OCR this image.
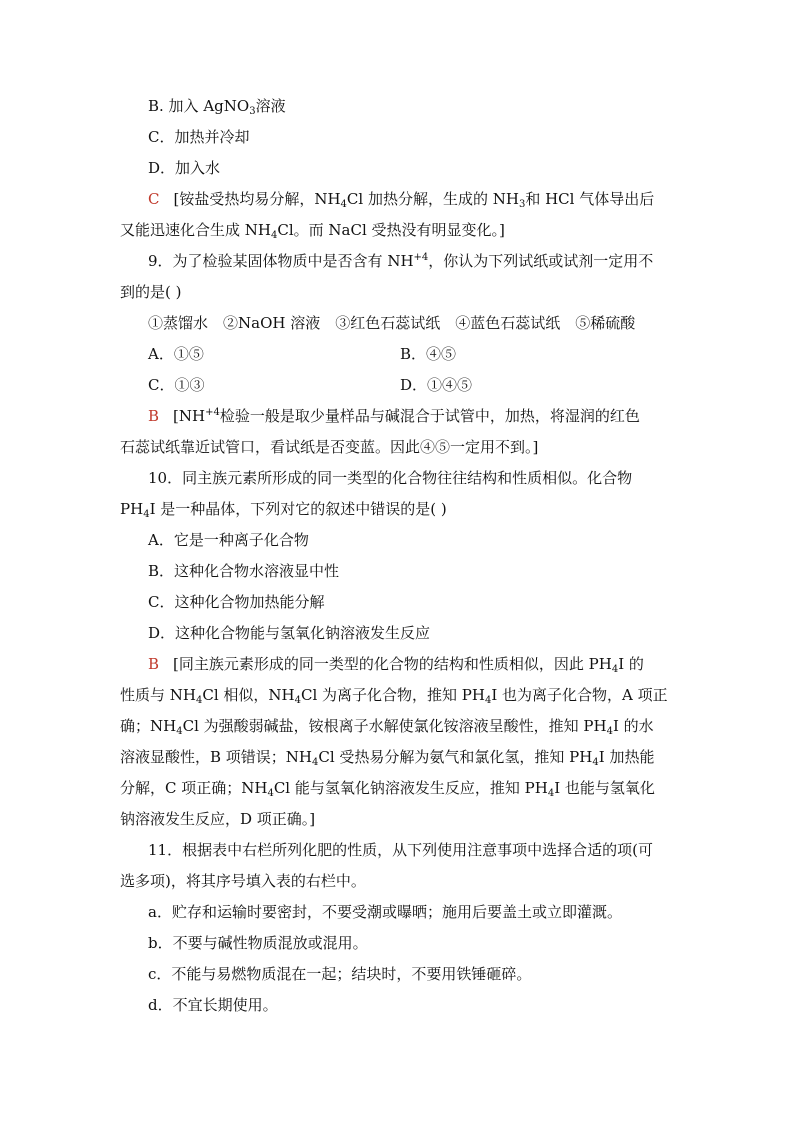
B. 加入 AgNO$_3$溶液
C．加热并冷却
D．加入水
C [铵盐受热均易分解，$NH_4Cl$ 加热分解，生成的 $NH_3$和 HCl 气体导出后
又能迅速化合生成 $NH_4Cl$。而 NaCl 受热没有明显变化。]
9．为了检验某固体物质中是否含有 $NH^{+4}$，你认为下列试纸或试剂一定用不
到的是( )
①蒸馏水　②NaOH 溶液　③红色石蕊试纸　④蓝色石蕊试纸　⑤稀硫酸
A．①⑤	B．④⑤
C．①③	D．①④⑤
B [$NH^{+4}$检验一般是取少量样品与碱混合于试管中，加热，将湿润的红色
石蕊试纸靠近试管口，看试纸是否变蓝。因此④⑤一定用不到。]
10．同主族元素所形成的同一类型的化合物往往结构和性质相似。化合物
$PH_4I$ 是一种晶体，下列对它的叙述中错误的是( )
A．它是一种离子化合物
B．这种化合物水溶液显中性
C．这种化合物加热能分解
D．这种化合物能与氢氧化钠溶液发生反应
B [同主族元素形成的同一类型的化合物的结构和性质相似，因此 $PH_4I$ 的
性质与 $NH_4Cl$ 相似，$NH_4Cl$ 为离子化合物，推知 $PH_4I$ 也为离子化合物，A 项正
确；$NH_4Cl$ 为强酸弱碱盐，铵根离子水解使氯化铵溶液呈酸性，推知 $PH_4I$ 的水
溶液显酸性，B 项错误；$NH_4Cl$ 受热易分解为氨气和氯化氢，推知 $PH_4I$ 加热能
分解，C 项正确；$NH_4Cl$ 能与氢氧化钠溶液发生反应，推知 $PH_4I$ 也能与氢氧化
钠溶液发生反应，D 项正确。]
11．根据表中右栏所列化肥的性质，从下列使用注意事项中选择合适的项(可
选多项)，将其序号填入表的右栏中。
a．贮存和运输时要密封，不要受潮或曝晒；施用后要盖土或立即灌溉。
b．不要与碱性物质混放或混用。
c．不能与易燃物质混在一起；结块时，不要用铁锤砸碎。
d．不宜长期使用。
